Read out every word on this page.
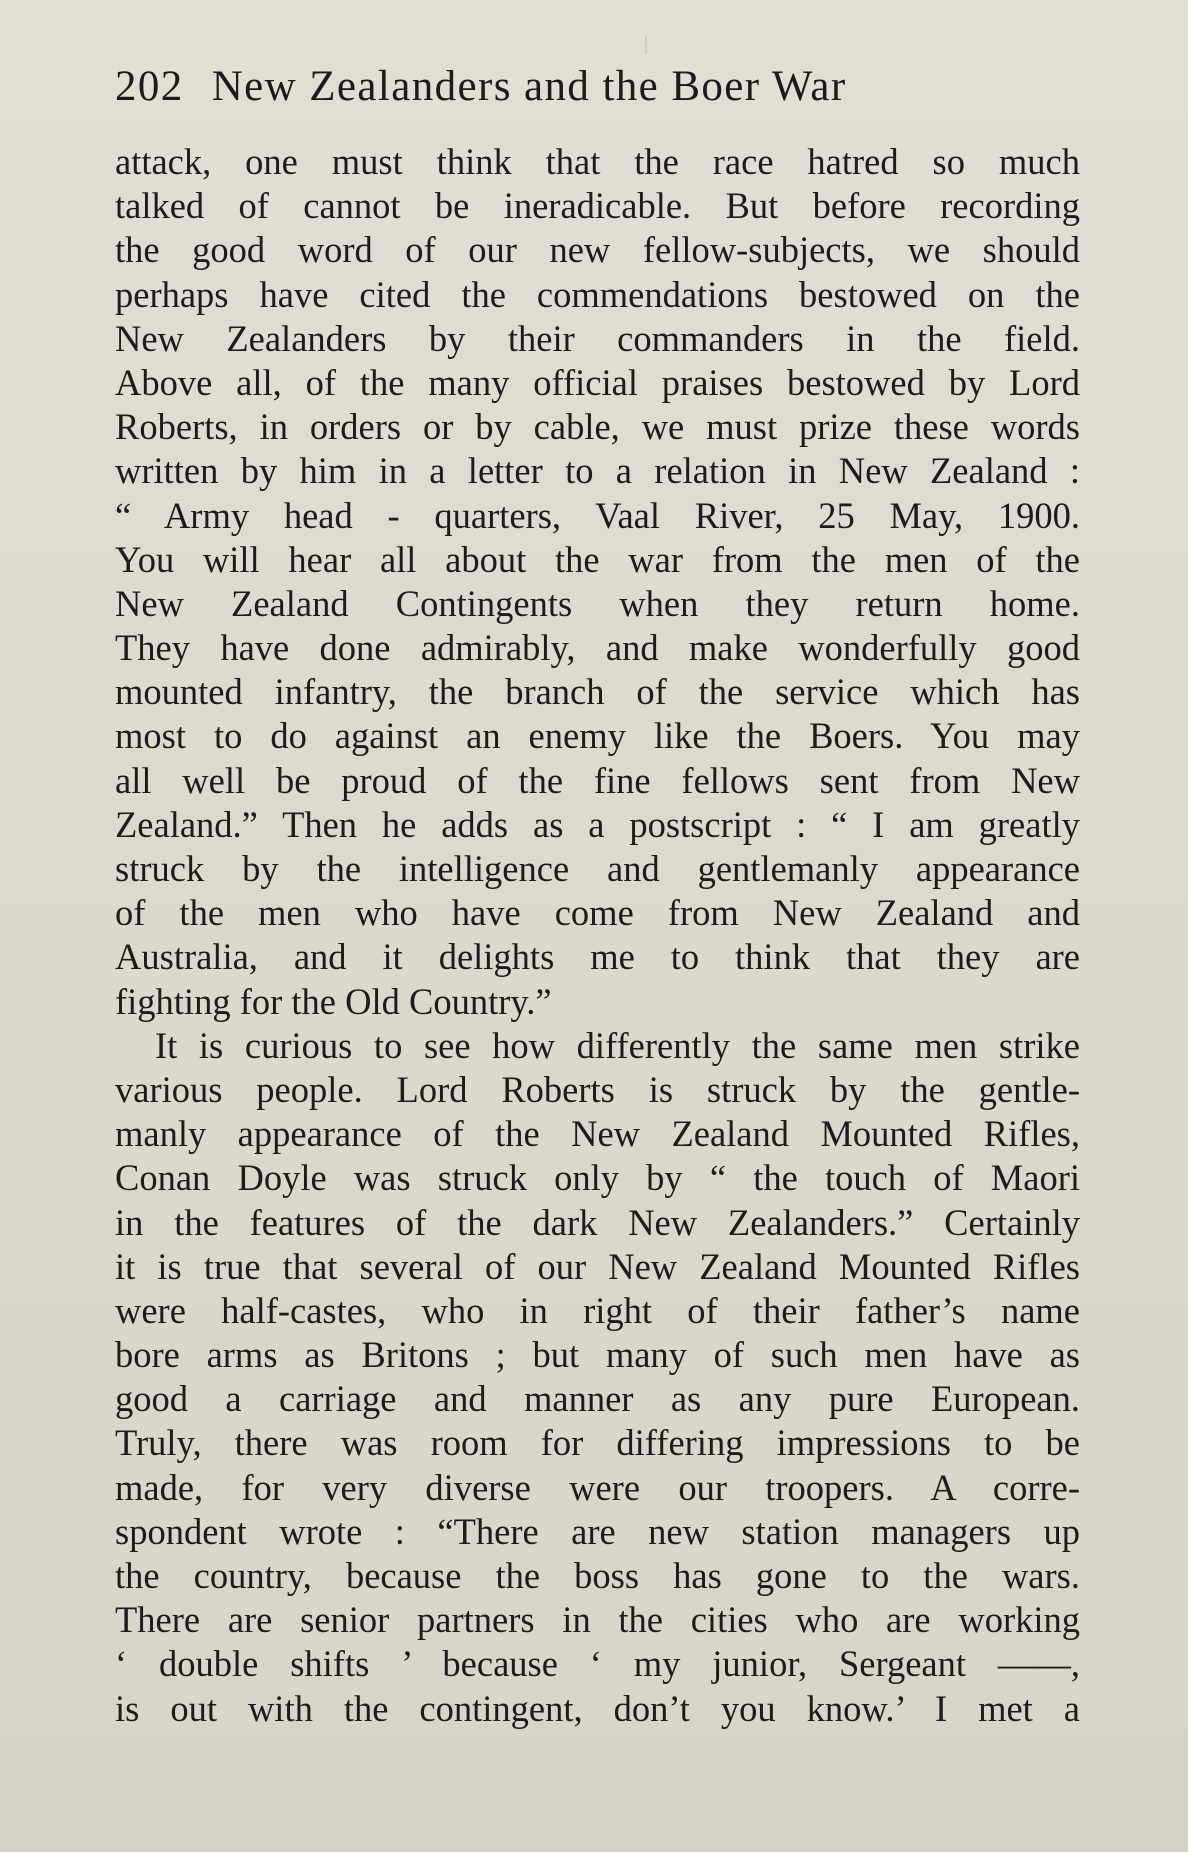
202 New Zealanders and the Boer War
attack, one must think that the race hatred so much
talked of cannot be ineradicable. But before recording
the good word of our new fellow-subjects, we should
perhaps have cited the commendations bestowed on the
New Zealanders by their commanders in the field.
Above all, of the many official praises bestowed by Lord
Roberts, in orders or by cable, we must prize these words
written by him in a letter to a relation in New Zealand :
“ Army head - quarters, Vaal River, 25 May, 1900.
You will hear all about the war from the men of the
New Zealand Contingents when they return home.
They have done admirably, and make wonderfully good
mounted infantry, the branch of the service which has
most to do against an enemy like the Boers. You may
all well be proud of the fine fellows sent from New
Zealand.” Then he adds as a postscript : “ I am greatly
struck by the intelligence and gentlemanly appearance
of the men who have come from New Zealand and
Australia, and it delights me to think that they are
fighting for the Old Country.”
It is curious to see how differently the same men strike
various people. Lord Roberts is struck by the gentle-
manly appearance of the New Zealand Mounted Rifles,
Conan Doyle was struck only by “ the touch of Maori
in the features of the dark New Zealanders.” Certainly
it is true that several of our New Zealand Mounted Rifles
were half-castes, who in right of their father’s name
bore arms as Britons ; but many of such men have as
good a carriage and manner as any pure European.
Truly, there was room for differing impressions to be
made, for very diverse were our troopers. A corre-
spondent wrote : “There are new station managers up
the country, because the boss has gone to the wars.
There are senior partners in the cities who are working
‘ double shifts ’ because ‘ my junior, Sergeant ——,
is out with the contingent, don’t you know.’ I met a
